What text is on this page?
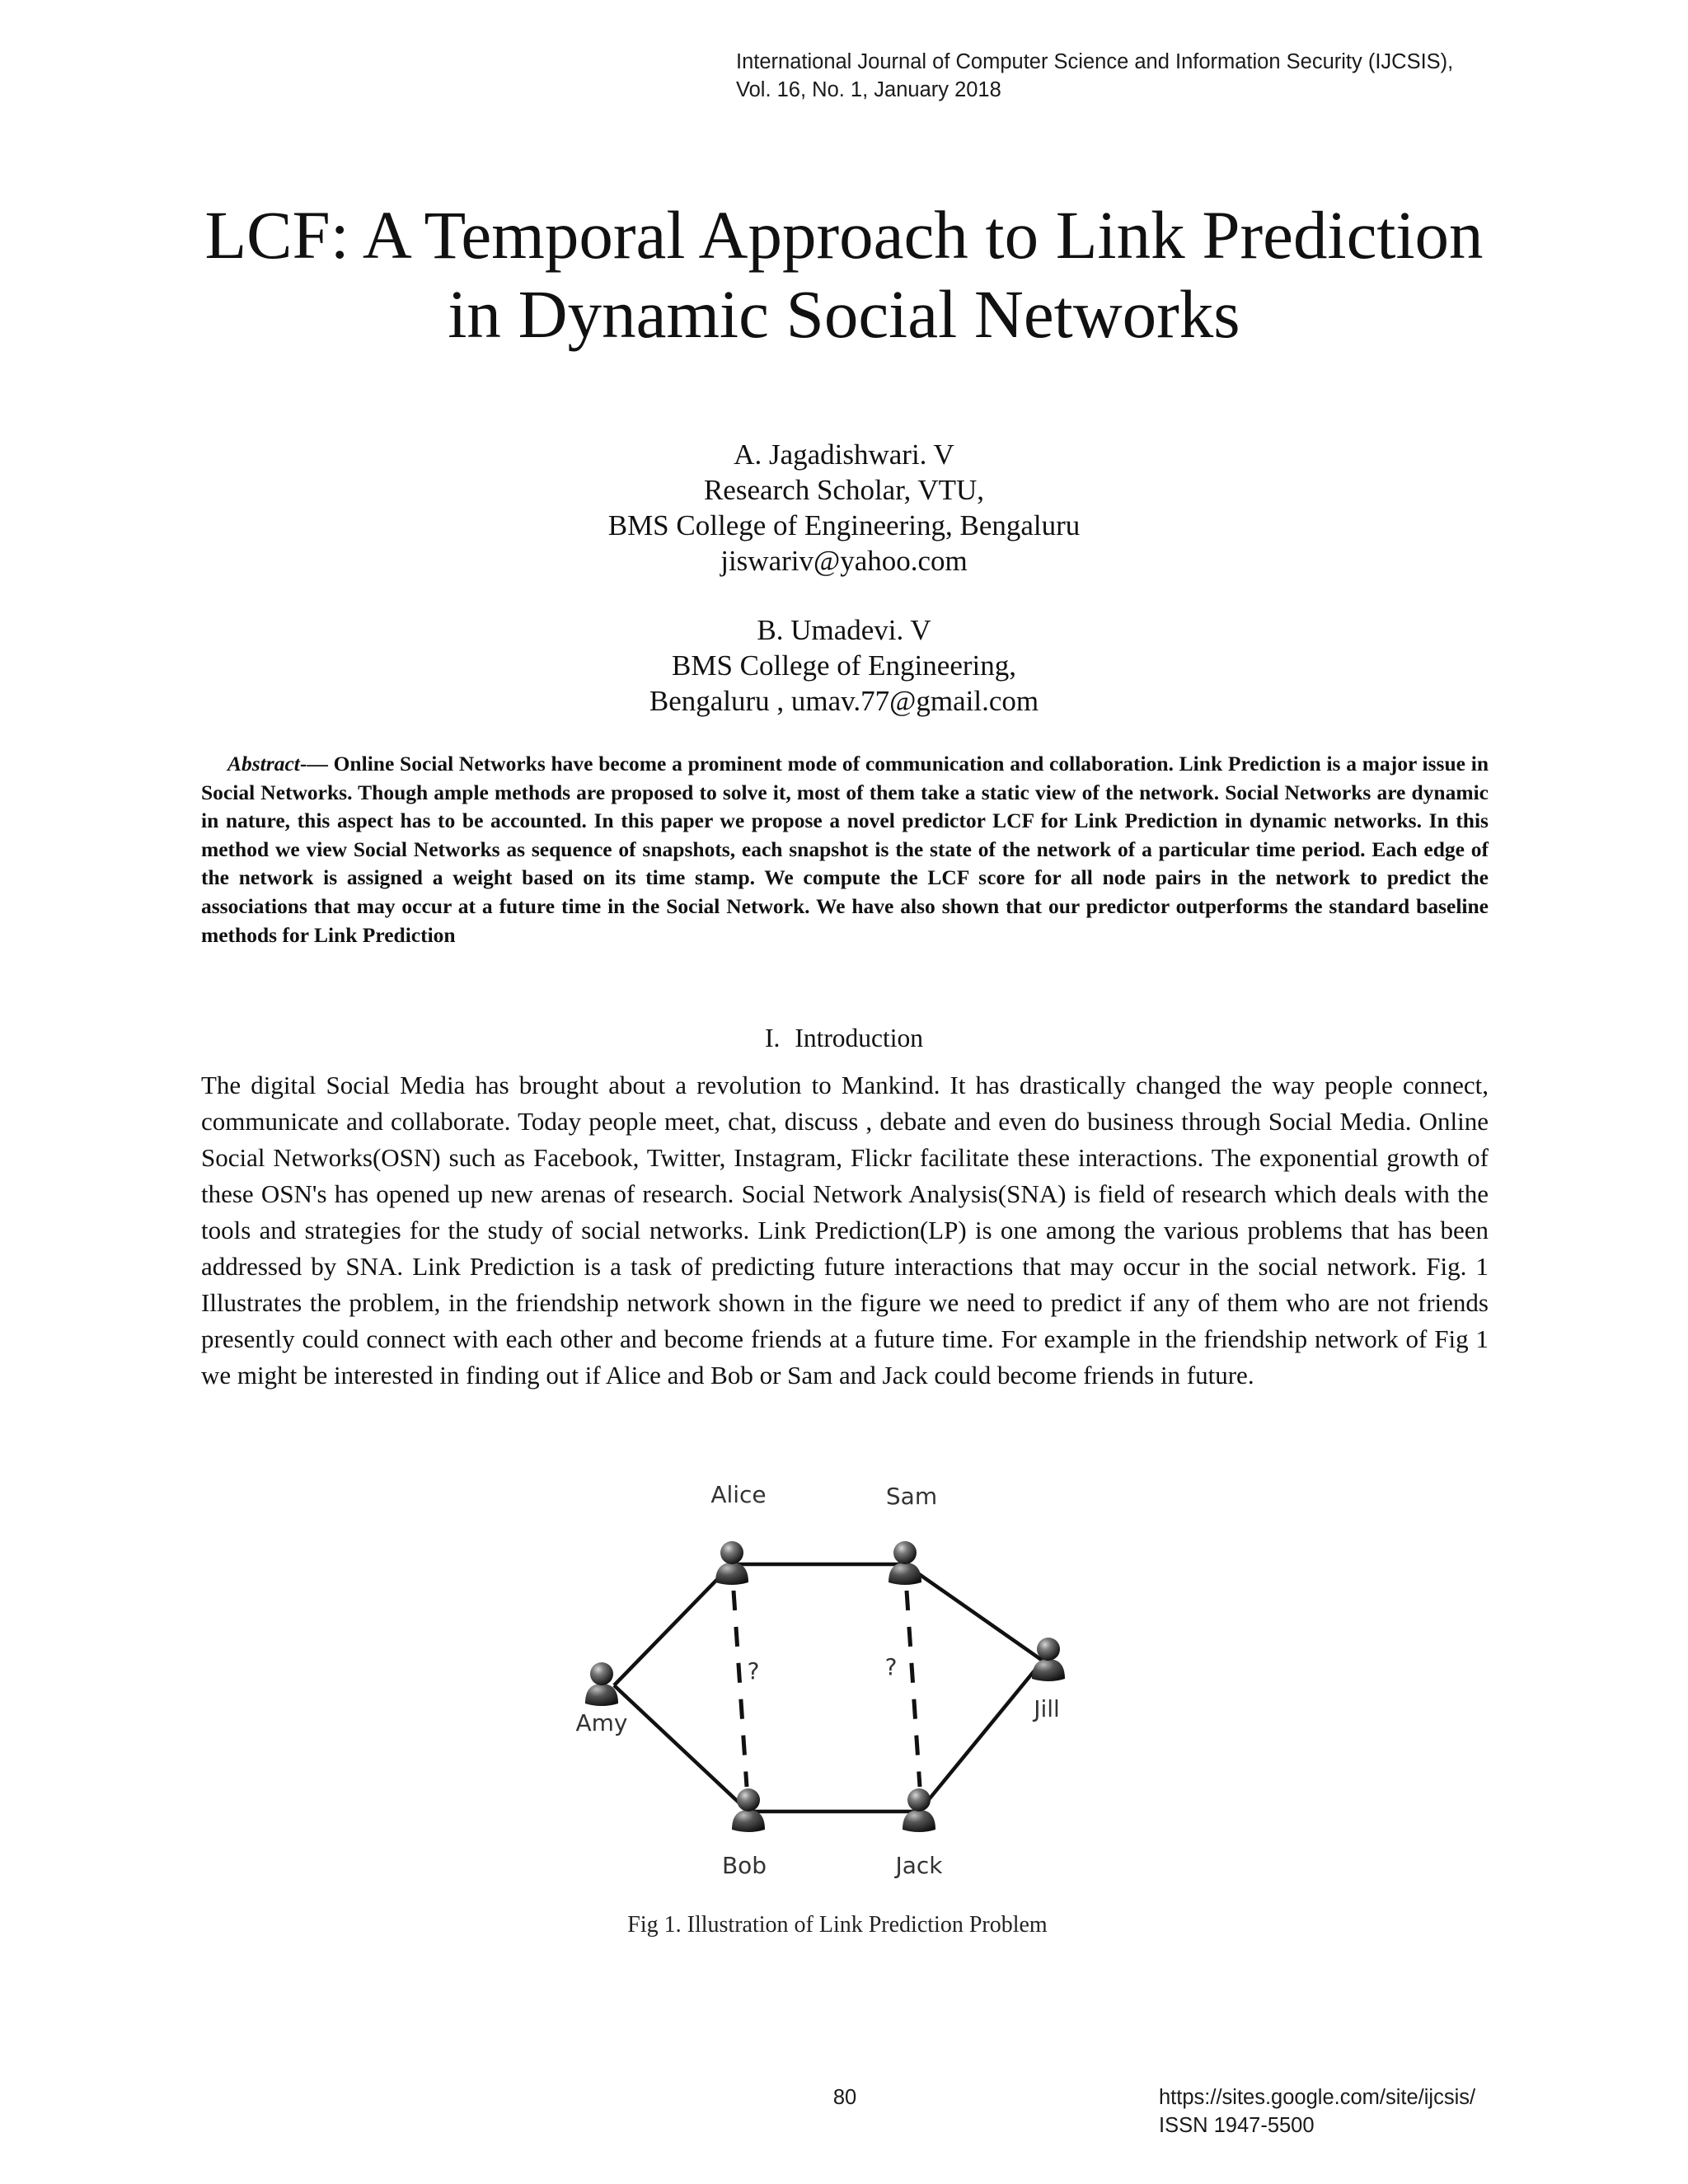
International Journal of Computer Science and Information Security (IJCSIS),
Vol. 16, No. 1, January 2018
LCF: A Temporal Approach to Link Prediction
in Dynamic Social Networks
A. Jagadishwari. V
Research Scholar, VTU,
BMS College of Engineering, Bengaluru
jiswariv@yahoo.com
B. Umadevi. V
BMS College of Engineering,
Bengaluru , umav.77@gmail.com
Abstract-— Online Social Networks have become a prominent mode of communication and collaboration. Link Prediction is a major issue in Social Networks. Though ample methods are proposed to solve it, most of them take a static view of the network. Social Networks are dynamic in nature, this aspect has to be accounted. In this paper we propose a novel predictor LCF for Link Prediction in dynamic networks. In this method we view Social Networks as sequence of snapshots, each snapshot is the state of the network of a particular time period. Each edge of the network is assigned a weight based on its time stamp. We compute the LCF score for all node pairs in the network to predict the associations that may occur at a future time in the Social Network. We have also shown that our predictor outperforms the standard baseline methods for Link Prediction
I. Introduction

The digital Social Media has brought about a revolution to Mankind. It has drastically changed the way people connect, communicate and collaborate. Today people meet, chat, discuss , debate and even do business through Social Media. Online Social Networks(OSN) such as Facebook, Twitter, Instagram, Flickr facilitate these interactions. The exponential growth of these OSN's has opened up new arenas of research. Social Network Analysis(SNA) is field of research which deals with the tools and strategies for the study of social networks. Link Prediction(LP) is one among the various problems that has been addressed by SNA. Link Prediction is a task of predicting future interactions that may occur in the social network. Fig. 1 Illustrates the problem, in the friendship network shown in the figure we need to predict if any of them who are not friends presently could connect with each other and become friends at a future time. For example in the friendship network of Fig 1 we might be interested in finding out if Alice and Bob or Sam and Jack could become friends in future.

Alice	Sam
Amy
Jill
Bob	Jack
?	?
Fig 1. Illustration of Link Prediction Problem
80	https://sites.google.com/site/ijcsis/
ISSN 1947-5500
